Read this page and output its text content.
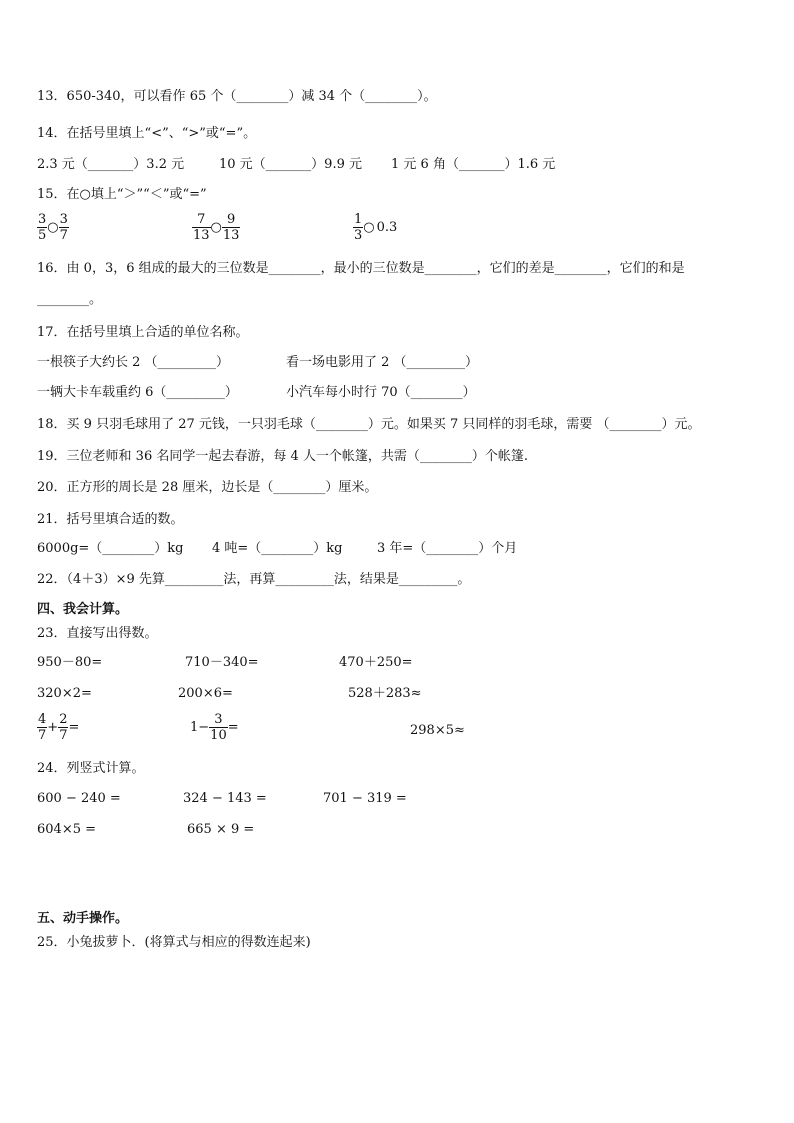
13．650-340，可以看作 65 个（________）减 34 个（________）。
14．在括号里填上“<”、“>”或“=”。
2.3 元（_______）3.2 元	10 元（_______）9.9 元 1 元 6 角（_______）1.6 元
15．在○填上“＞”“＜”或“=”
$\frac{3}{5}$ ○ $\frac{3}{7}$	$\frac{7}{13}$ ○ $\frac{9}{13}$	$\frac{1}{3}$ ○ 0.3
16．由 0，3，6 组成的最大的三位数是________，最小的三位数是________，它们的差是________，它们的和是
________。
17．在括号里填上合适的单位名称。
一根筷子大约长 2 （_________）	看一场电影用了 2 （_________）
一辆大卡车载重约 6（_________）	小汽车每小时行 70（________）
18．买 9 只羽毛球用了 27 元钱，一只羽毛球（________）元。如果买 7 只同样的羽毛球，需要 （________）元。
19．三位老师和 36 名同学一起去春游，每 4 人一个帐篷，共需（________）个帐篷.
20．正方形的周长是 28 厘米，边长是（________）厘米。
21．括号里填合适的数。
6000g=（________）kg 4 吨=（________）kg	3 年=（________）个月
22．（4＋3）×9 先算_________法，再算_________法，结果是_________。
四、我会计算。
23．直接写出得数。
950－80=	710－340=	470＋250=
320×2=	200×6=	528＋283≈
$\frac{4}{7} + \frac{2}{7}$ =	$1- \frac{3}{10}$ =	298×5≈
24．列竖式计算。
600 − 240 =	324 − 143 =	701 − 319 =
604×5 =	665 × 9 =
五、动手操作。
25．小兔拔萝卜．(将算式与相应的得数连起来)
